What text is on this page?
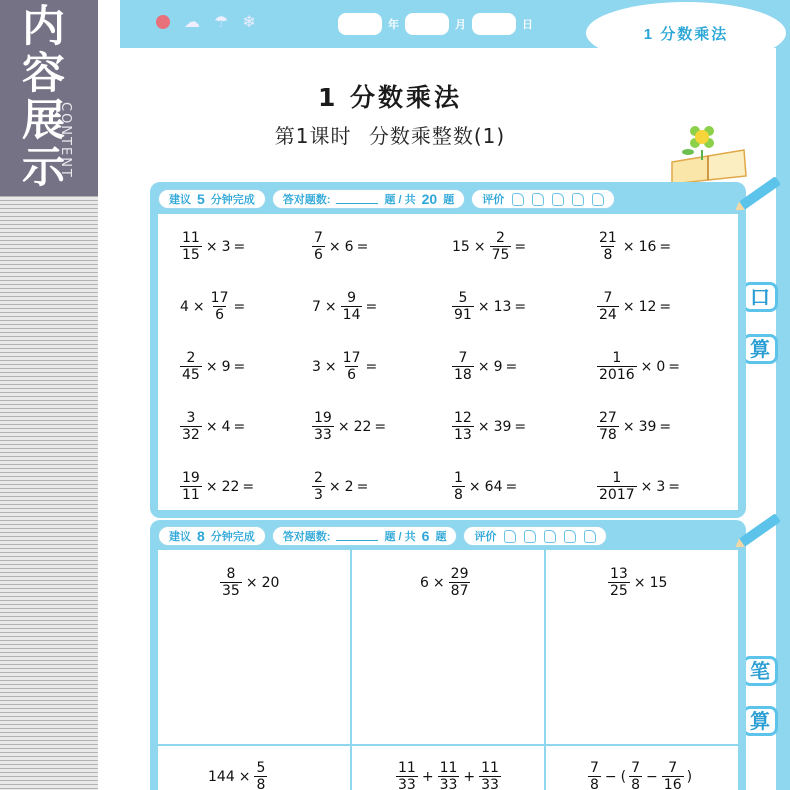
内容展示
CONTENT
☁ ☂ ❄	年	月	日
1 分数乘法
1 分数乘法
第1课时 分数乘整数(1)
口
算
笔
算
建议 5 分钟完成	答对题数:	题 / 共 20 题	评价
$\frac{11}{15} \times 3$ =	$\frac{7}{6} \times 6$ =	$15 \times \frac{2}{75}$ =	$\frac{21}{8} \times 16$ =
$4 \times \frac{17}{6}$ =	$7 \times \frac{9}{14}$ =	$\frac{5}{91} \times 13$ =	$\frac{7}{24} \times 12$ =
$\frac{2}{45} \times 9$ =	$3 \times \frac{17}{6}$ =	$\frac{7}{18} \times 9$ =	$\frac{1}{2016} \times 0$ =
$\frac{3}{32} \times 4$ =	$\frac{19}{33} \times 22$ =	$\frac{12}{13} \times 39$ =	$\frac{27}{78} \times 39$ =
$\frac{19}{11} \times 22$ =	$\frac{2}{3} \times 2$ =	$\frac{1}{8} \times 64$ =	$\frac{1}{2017} \times 3$ =
建议 8 分钟完成	答对题数:	题 / 共 6 题	评价
$\frac{8}{35} \times 20$	$6 \times \frac{29}{87}$	$\frac{13}{25} \times 15$
$144 \times \frac{5}{8}$	$\frac{11}{33} + \frac{11}{33} + \frac{11}{33}$	$\frac{7}{8}$ − ( $\frac{7}{8} - \frac{7}{16}$ )
